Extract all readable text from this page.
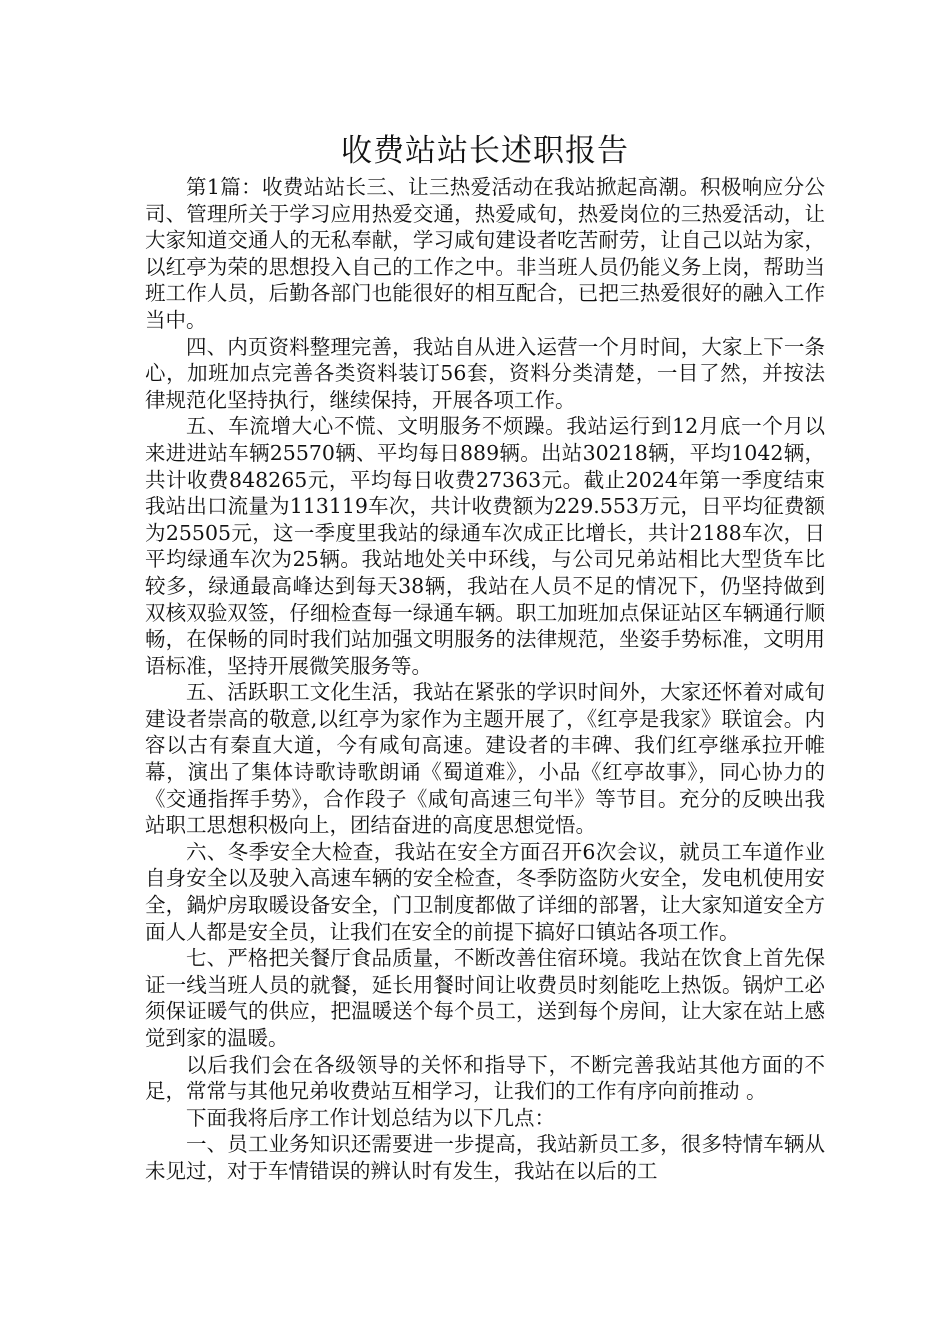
收费站站长述职报告

第1篇：收费站站长三、让三热爱活动在我站掀起高潮。积极响应分公司、管理所关于学习应用热爱交通，热爱咸旬，热爱岗位的三热爱活动，让大家知道交通人的无私奉献，学习咸旬建设者吃苦耐劳，让自己以站为家，以红亭为荣的思想投入自己的工作之中。非当班人员仍能义务上岗，帮助当班工作人员，后勤各部门也能很好的相互配合，已把三热爱很好的融入工作当中。

四、内页资料整理完善，我站自从进入运营一个月时间，大家上下一条心，加班加点完善各类资料装订56套，资料分类清楚，一目了然，并按法律规范化坚持执行，继续保持，开展各项工作。

五、车流增大心不慌、文明服务不烦躁。我站运行到12月底一个月以来进进站车辆25570辆、平均每日889辆。出站30218辆，平均1042辆，共计收费848265元，平均每日收费27363元。截止2024年第一季度结束我站出口流量为113119车次，共计收费额为229.553万元，日平均征费额为25505元，这一季度里我站的绿通车次成正比增长，共计2188车次，日平均绿通车次为25辆。我站地处关中环线，与公司兄弟站相比大型货车比较多，绿通最高峰达到每天38辆，我站在人员不足的情况下，仍坚持做到双核双验双签，仔细检查每一绿通车辆。职工加班加点保证站区车辆通行顺畅，在保畅的同时我们站加强文明服务的法律规范，坐姿手势标准，文明用语标准，坚持开展微笑服务等。

五、活跃职工文化生活，我站在紧张的学识时间外，大家还怀着对咸旬建设者崇高的敬意,以红亭为家作为主题开展了，《红亭是我家》联谊会。内容以古有秦直大道，今有咸旬高速。建设者的丰碑、我们红亭继承拉开帷幕，演出了集体诗歌诗歌朗诵《蜀道难》，小品《红亭故事》，同心协力的《交通指挥手势》，合作段子《咸旬高速三句半》等节目。充分的反映出我站职工思想积极向上，团结奋进的高度思想觉悟。

六、冬季安全大检查，我站在安全方面召开6次会议，就员工车道作业自身安全以及驶入高速车辆的安全检查，冬季防盗防火安全，发电机使用安全，鍋炉房取暖设备安全，门卫制度都做了详细的部署，让大家知道安全方面人人都是安全员，让我们在安全的前提下搞好口镇站各项工作。

七、严格把关餐厅食品质量，不断改善住宿环境。我站在饮食上首先保证一线当班人员的就餐，延长用餐时间让收费员时刻能吃上热饭。锅炉工必须保证暖气的供应，把温暖送个每个员工，送到每个房间，让大家在站上感觉到家的温暖。

以后我们会在各级领导的关怀和指导下，不断完善我站其他方面的不足，常常与其他兄弟收费站互相学习，让我们的工作有序向前推动 。

下面我将后序工作计划总结为以下几点：

一、员工业务知识还需要进一步提高，我站新员工多，很多特情车辆从未见过，对于车情错误的辨认时有发生，我站在以后的工
